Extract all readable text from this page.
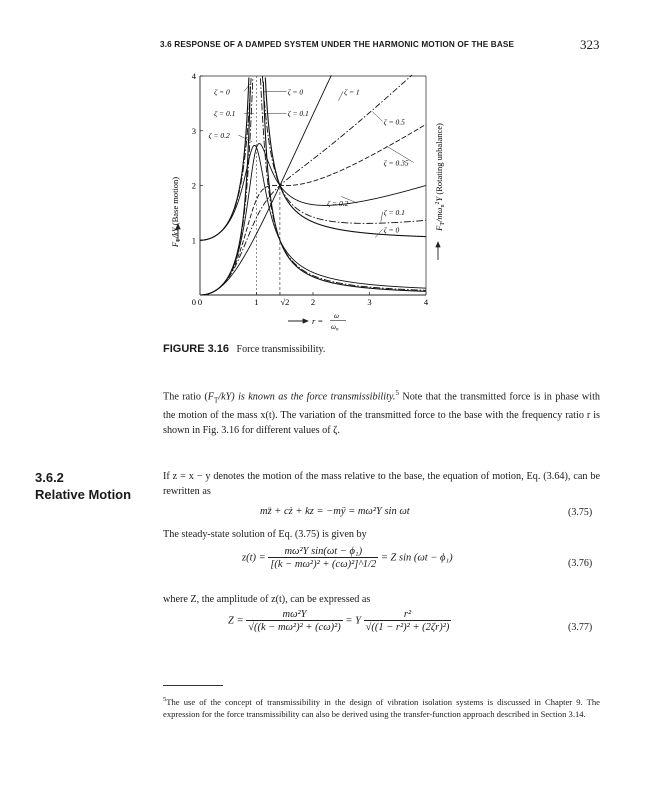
3.6 RESPONSE OF A DAMPED SYSTEM UNDER THE HARMONIC MOTION OF THE BASE	323
0	1	√2	2	3	4
1
2
3
4
0
ζ = 0	ζ = 0	ζ = 1
ζ = 0.1	ζ = 0.1
ζ = 0.2
ζ = 0.5
ζ = 0.35
ζ = 0.2
ζ = 0.1
ζ = 0
$F_T/kY$ (Base motion)
$F_T/m\omega_n^2Y$ (Rotating unbalance)
r = ω
$\omega_n$
FIGURE 3.16 Force transmissibility.

The ratio $(F_T/kY)$ is known as the force transmissibility.$^5$ Note that the transmitted force is in phase with the motion of the mass x(t). The variation of the transmitted force to the base with the frequency ratio r is shown in Fig. 3.16 for different values of ζ.

3.6.2
Relative Motion

If z = x − y denotes the motion of the mass relative to the base, the equation of motion, Eq. (3.64), can be rewritten as

mz̈ + cż + kz = −mÿ = mω²Y sin ωt	(3.75)

The steady-state solution of Eq. (3.75) is given by

$z(t) = \frac{\text{mω²Y sin(ωt − ϕ₁)}}{\text{[(k − mω²)² + (cω)²]\textasciicircum{}1/2}} = Z$ sin (ωt − ϕ₁)
(3.76)

where Z, the amplitude of z(t), can be expressed as

$Z = \frac{\text{mω²Y}}{\text{√((k − mω²)² + (cω)²)}} = Y \frac{\text{r²}}{\text{√((1 − r²)² + (2ζr)²)}}$	(3.77)
$^5$The use of the concept of transmissibility in the design of vibration isolation systems is discussed in Chapter 9. The expression for the force transmissibility can also be derived using the transfer-function approach described in Section 3.14.
